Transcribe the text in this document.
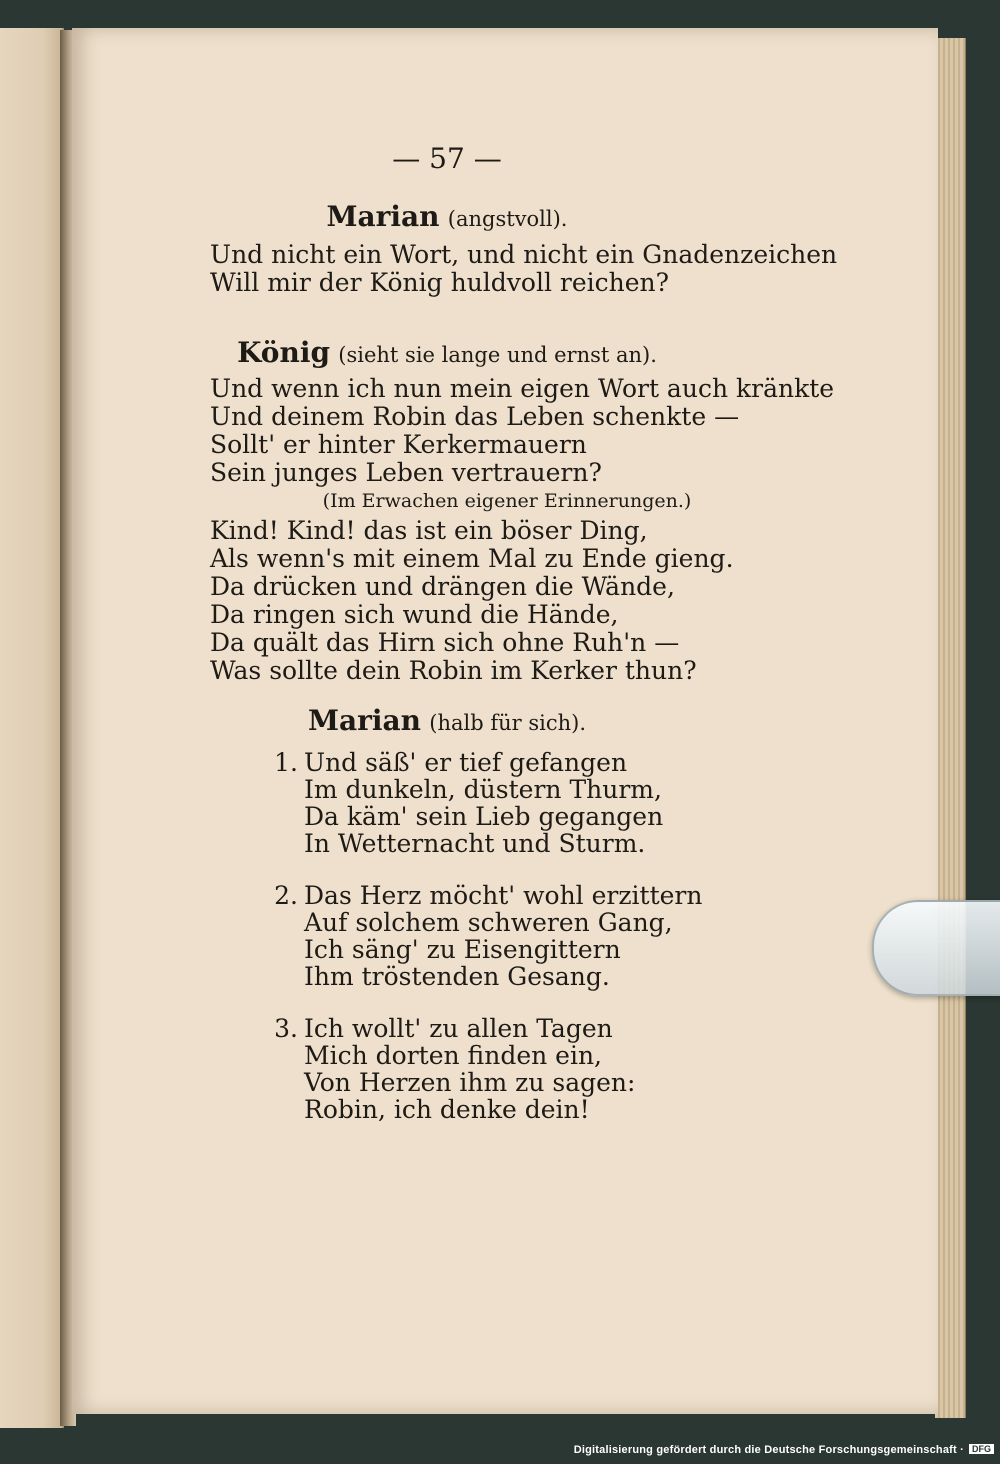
— 57 —
Marian (angstvoll).
Und nicht ein Wort, und nicht ein Gnadenzeichen
Will mir der König huldvoll reichen?
König (sieht sie lange und ernst an).
Und wenn ich nun mein eigen Wort auch kränkte
Und deinem Robin das Leben schenkte —
Sollt' er hinter Kerkermauern
Sein junges Leben vertrauern?
(Im Erwachen eigener Erinnerungen.)
Kind! Kind! das ist ein böser Ding,
Als wenn's mit einem Mal zu Ende gieng.
Da drücken und drängen die Wände,
Da ringen sich wund die Hände,
Da quält das Hirn sich ohne Ruh'n —
Was sollte dein Robin im Kerker thun?
Marian (halb für sich).
1. Und säß' er tief gefangen
Im dunkeln, düstern Thurm,
Da käm' sein Lieb gegangen
In Wetternacht und Sturm.
2. Das Herz möcht' wohl erzittern
Auf solchem schweren Gang,
Ich säng' zu Eisengittern
Ihm tröstenden Gesang.
3. Ich wollt' zu allen Tagen
Mich dorten finden ein,
Von Herzen ihm zu sagen:
Robin, ich denke dein!
Digitalisierung gefördert durch die Deutsche Forschungsgemeinschaft · DFG
